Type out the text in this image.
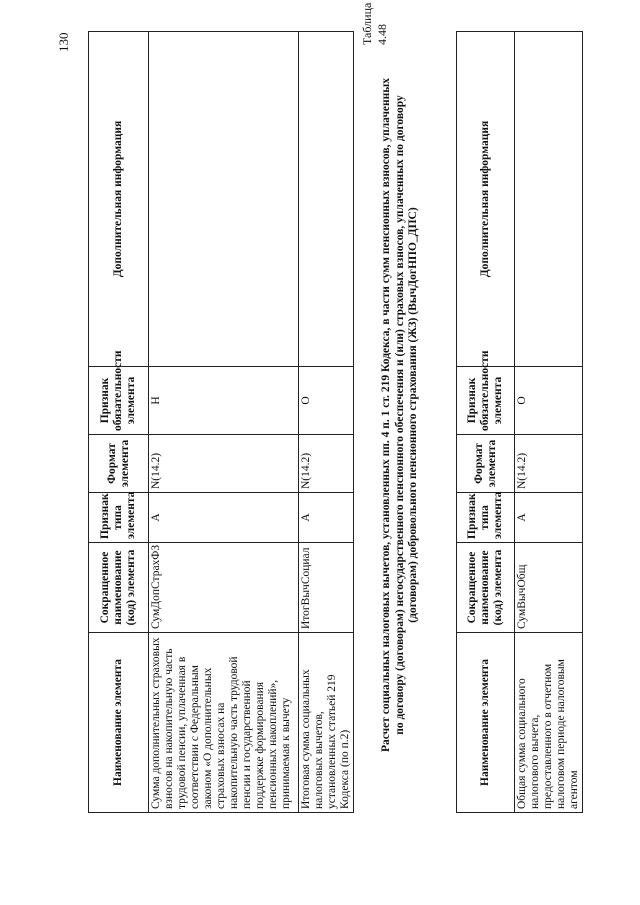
130
Наименование элемента	Сокращенное наименование (код) элемента	Признак типа элемента	Формат элемента	Признак обязательности элемента	Дополнительная информация
Сумма дополнительных страховых взносов на накопительную часть трудовой пенсии, уплаченная в соответствии с Федеральным законом «О дополнительных страховых взносах на накопительную часть трудовой пенсии и государственной поддержке формирования пенсионных накоплений», принимаемая к вычету	СумДопСтрахФЗ	А	N(14.2)	Н	
Итоговая сумма социальных налоговых вычетов, установленных статьей 219 Кодекса (по п.2)	ИтогВычСоциал	А	N(14.2)	О	
Таблица 4.48
Расчет социальных налоговых вычетов, установленных пп. 4 п. 1 ст. 219 Кодекса, в части сумм пенсионных взносов, уплаченных по договору (договорам) негосударственного пенсионного обеспечения и (или) страховых взносов, уплаченных по договору (договорам) добровольного пенсионного страхования (ЖЗ) (ВычДогНПО_ДПС)
Наименование элемента	Сокращенное наименование (код) элемента	Признак типа элемента	Формат элемента	Признак обязательности элемента	Дополнительная информация
Общая сумма социального налогового вычета, предоставленного в отчетном налоговом периоде налоговым агентом	СумВычОбщ	А	N(14.2)	О	
